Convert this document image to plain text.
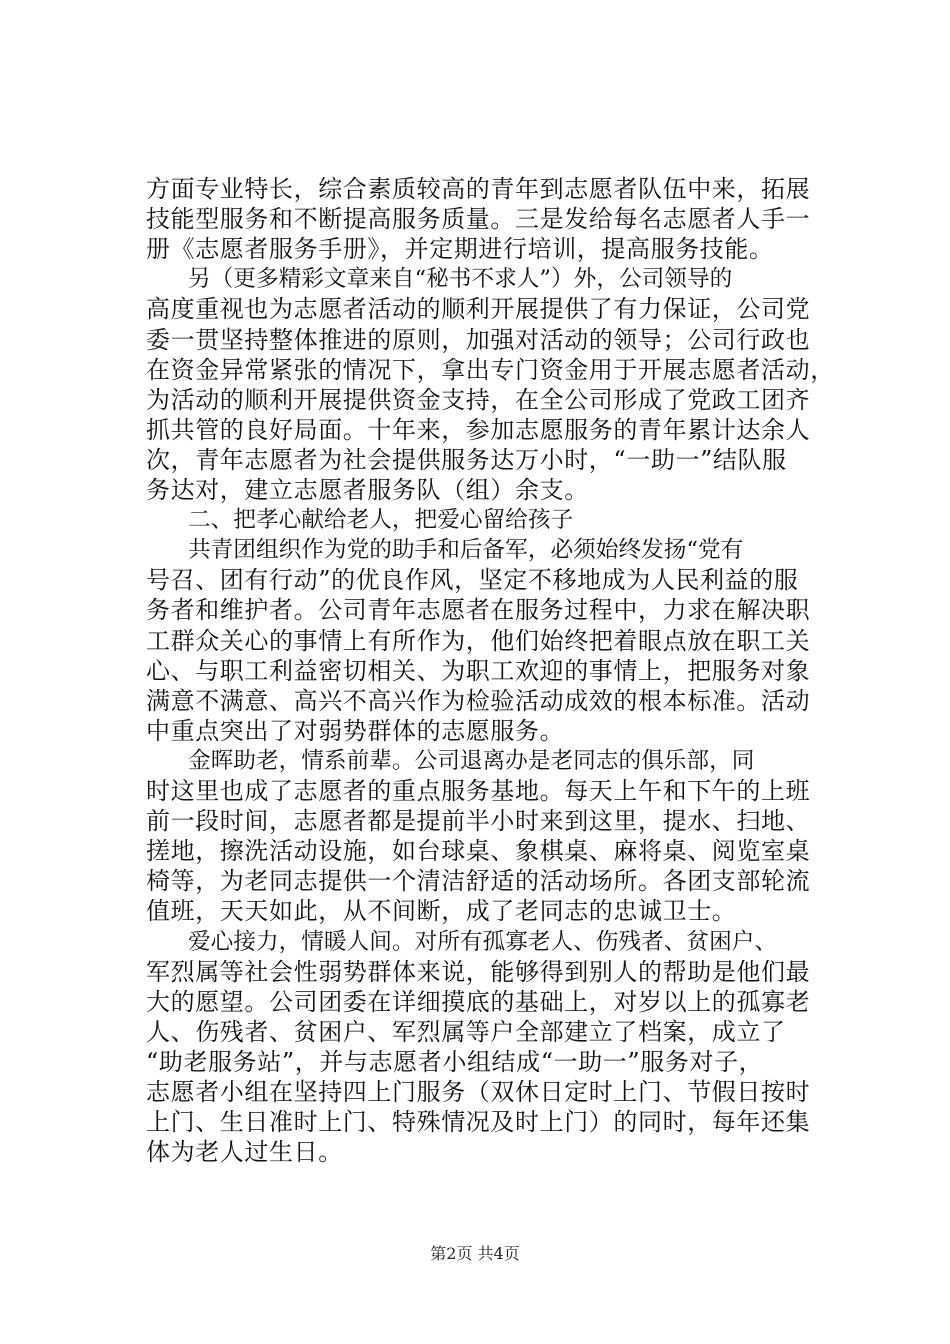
方面专业特长，综合素质较高的青年到志愿者队伍中来，拓展
技能型服务和不断提高服务质量。三是发给每名志愿者人手一
册《志愿者服务手册》，并定期进行培训，提高服务技能。
另（更多精彩文章来自“秘书不求人”）外，公司领导的
高度重视也为志愿者活动的顺利开展提供了有力保证，公司党
委一贯坚持整体推进的原则，加强对活动的领导；公司行政也
在资金异常紧张的情况下，拿出专门资金用于开展志愿者活动，
为活动的顺利开展提供资金支持，在全公司形成了党政工团齐
抓共管的良好局面。十年来，参加志愿服务的青年累计达余人
次，青年志愿者为社会提供服务达万小时，“一助一”结队服
务达对，建立志愿者服务队（组）余支。
二、把孝心献给老人，把爱心留给孩子
共青团组织作为党的助手和后备军，必须始终发扬“党有
号召、团有行动”的优良作风，坚定不移地成为人民利益的服
务者和维护者。公司青年志愿者在服务过程中，力求在解决职
工群众关心的事情上有所作为，他们始终把着眼点放在职工关
心、与职工利益密切相关、为职工欢迎的事情上，把服务对象
满意不满意、高兴不高兴作为检验活动成效的根本标准。活动
中重点突出了对弱势群体的志愿服务。
金晖助老，情系前辈。公司退离办是老同志的俱乐部，同
时这里也成了志愿者的重点服务基地。每天上午和下午的上班
前一段时间，志愿者都是提前半小时来到这里，提水、扫地、
搓地，擦洗活动设施，如台球桌、象棋桌、麻将桌、阅览室桌
椅等，为老同志提供一个清洁舒适的活动场所。各团支部轮流
值班，天天如此，从不间断，成了老同志的忠诚卫士。
爱心接力，情暖人间。对所有孤寡老人、伤残者、贫困户、
军烈属等社会性弱势群体来说，能够得到别人的帮助是他们最
大的愿望。公司团委在详细摸底的基础上，对岁以上的孤寡老
人、伤残者、贫困户、军烈属等户全部建立了档案，成立了
“助老服务站”，并与志愿者小组结成“一助一”服务对子，
志愿者小组在坚持四上门服务（双休日定时上门、节假日按时
上门、生日准时上门、特殊情况及时上门）的同时，每年还集
体为老人过生日。
第2页 共4页
